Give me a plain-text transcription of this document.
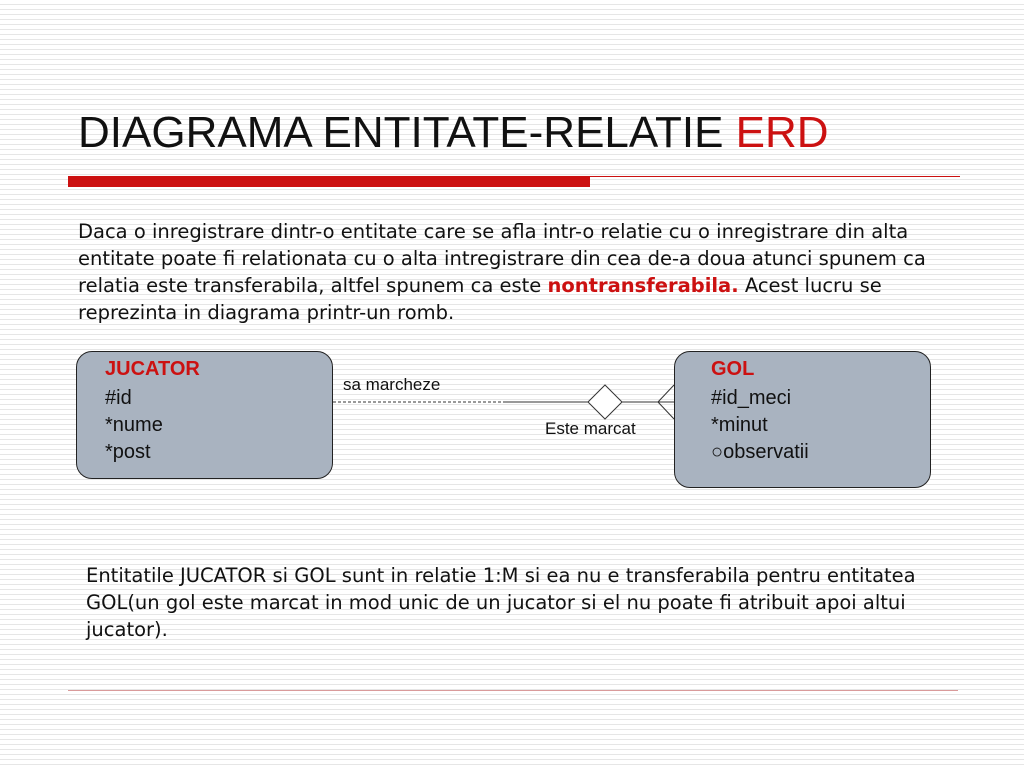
DIAGRAMA ENTITATE-RELATIE ERD
Daca o inregistrare dintr-o entitate care se afla intr-o relatie cu o inregistrare din alta entitate poate fi relationata cu o alta intregistrare din cea de-a doua atunci spunem ca relatia este transferabila, altfel spunem ca este nontransferabila. Acest lucru se reprezinta in diagrama printr-un romb.
JUCATOR
#id
*nume
*post
GOL
#id_meci
*minut
○observatii
sa marcheze
Este marcat
Entitatile JUCATOR si GOL sunt in relatie 1:M si ea nu e transferabila pentru entitatea GOL(un gol este marcat in mod unic de un jucator si el nu poate fi atribuit apoi altui jucator).
